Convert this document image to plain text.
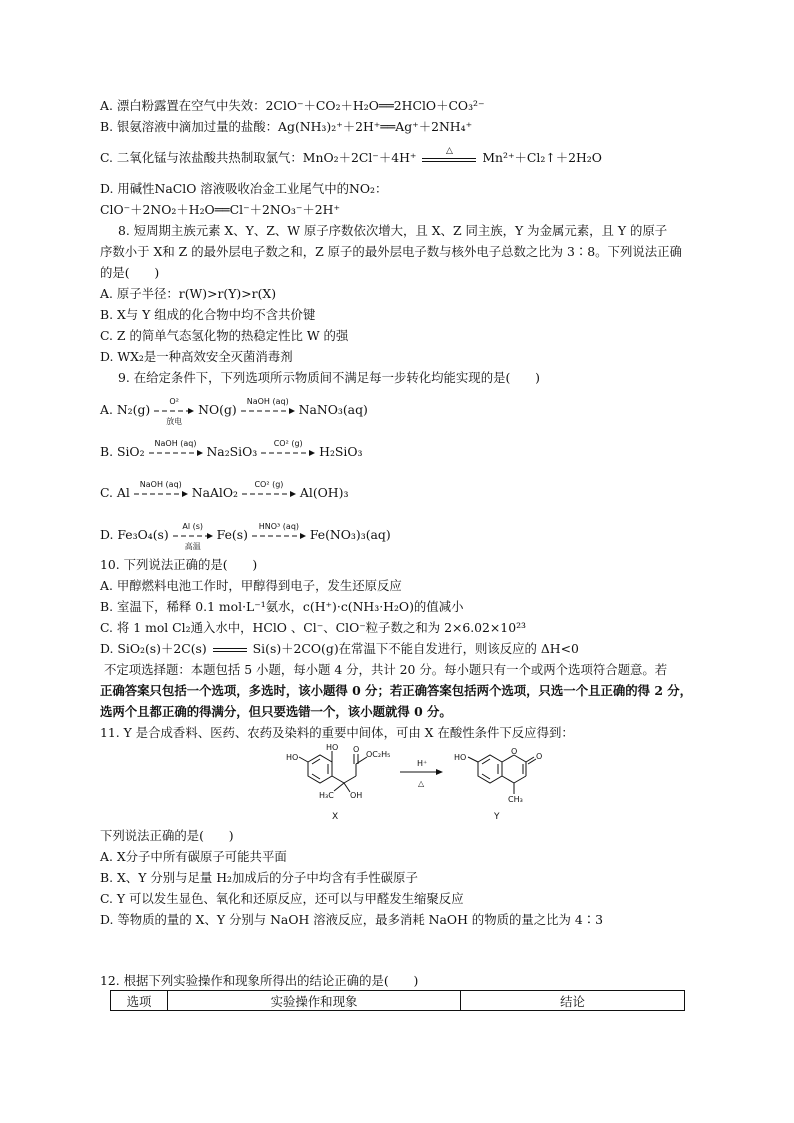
A. 漂白粉露置在空气中失效：2ClO⁻＋CO₂＋H₂O══2HClO＋CO₃²⁻
B. 银氨溶液中滴加过量的盐酸：Ag(NH₃)₂⁺＋2H⁺══Ag⁺＋2NH₄⁺
C. 二氧化锰与浓盐酸共热制取氯气：MnO₂＋2Cl⁻＋4H⁺	△	Mn²⁺＋Cl₂↑＋2H₂O
D. 用碱性NaClO 溶液吸收冶金工业尾气中的NO₂：
ClO⁻＋2NO₂＋H₂O══Cl⁻＋2NO₃⁻＋2H⁺
8. 短周期主族元素 X、Y、Z、W 原子序数依次增大，且 X、Z 同主族，Y 为金属元素，且 Y 的原子
序数小于 X和 Z 的最外层电子数之和，Z 原子的最外层电子数与核外电子总数之比为 3∶8。下列说法正确
的是(　　)
A. 原子半径：r(W)>r(Y)>r(X)
B. X与 Y 组成的化合物中均不含共价键
C. Z 的简单气态氢化物的热稳定性比 W 的强
D. WX₂是一种高效安全灭菌消毒剂
9. 在给定条件下，下列选项所示物质间不满足每一步转化均能实现的是(　　)
A. N₂(g)
O²
放电
NO(g)
NaOH (aq)
NaNO₃(aq)
B. SiO₂
NaOH (aq)
Na₂SiO₃
CO² (g)
H₂SiO₃
C. Al
NaOH (aq)
NaAlO₂
CO² (g)
Al(OH)₃
D. Fe₃O₄(s)
Al (s)
高温
Fe(s)
HNO³ (aq)
Fe(NO₃)₃(aq)
10. 下列说法正确的是(　　)
A. 甲醇燃料电池工作时，甲醇得到电子，发生还原反应
B. 室温下，稀释 0.1 mol·L⁻¹氨水，c(H⁺)·c(NH₃·H₂O)的值减小
C. 将 1 mol Cl₂通入水中，HClO 、Cl⁻、ClO⁻粒子数之和为 2×6.02×10²³
D. SiO₂(s)＋2C(s)	Si(s)＋2CO(g)在常温下不能自发进行，则该反应的 ΔH<0
不定项选择题：本题包括 5 小题，每小题 4 分，共计 20 分。每小题只有一个或两个选项符合题意。若
正确答案只包括一个选项，多选时，该小题得 0 分；若正确答案包括两个选项，只选一个且正确的得 2 分，
选两个且都正确的得满分，但只要选错一个，该小题就得 0 分。
11. Y 是合成香料、医药、农药及染料的重要中间体，可由 X 在酸性条件下反应得到：
HO
HO O
OC₂H₅
H₃C OH
X
H⁺
△
HO
O
O
CH₃
Y
下列说法正确的是(　　)
A. X分子中所有碳原子可能共平面
B. X、Y 分别与足量 H₂加成后的分子中均含有手性碳原子
C. Y 可以发生显色、氧化和还原反应，还可以与甲醛发生缩聚反应
D. 等物质的量的 X、Y 分别与 NaOH 溶液反应，最多消耗 NaOH 的物质的量之比为 4∶3
12. 根据下列实验操作和现象所得出的结论正确的是(　　)
选项	实验操作和现象	结论
